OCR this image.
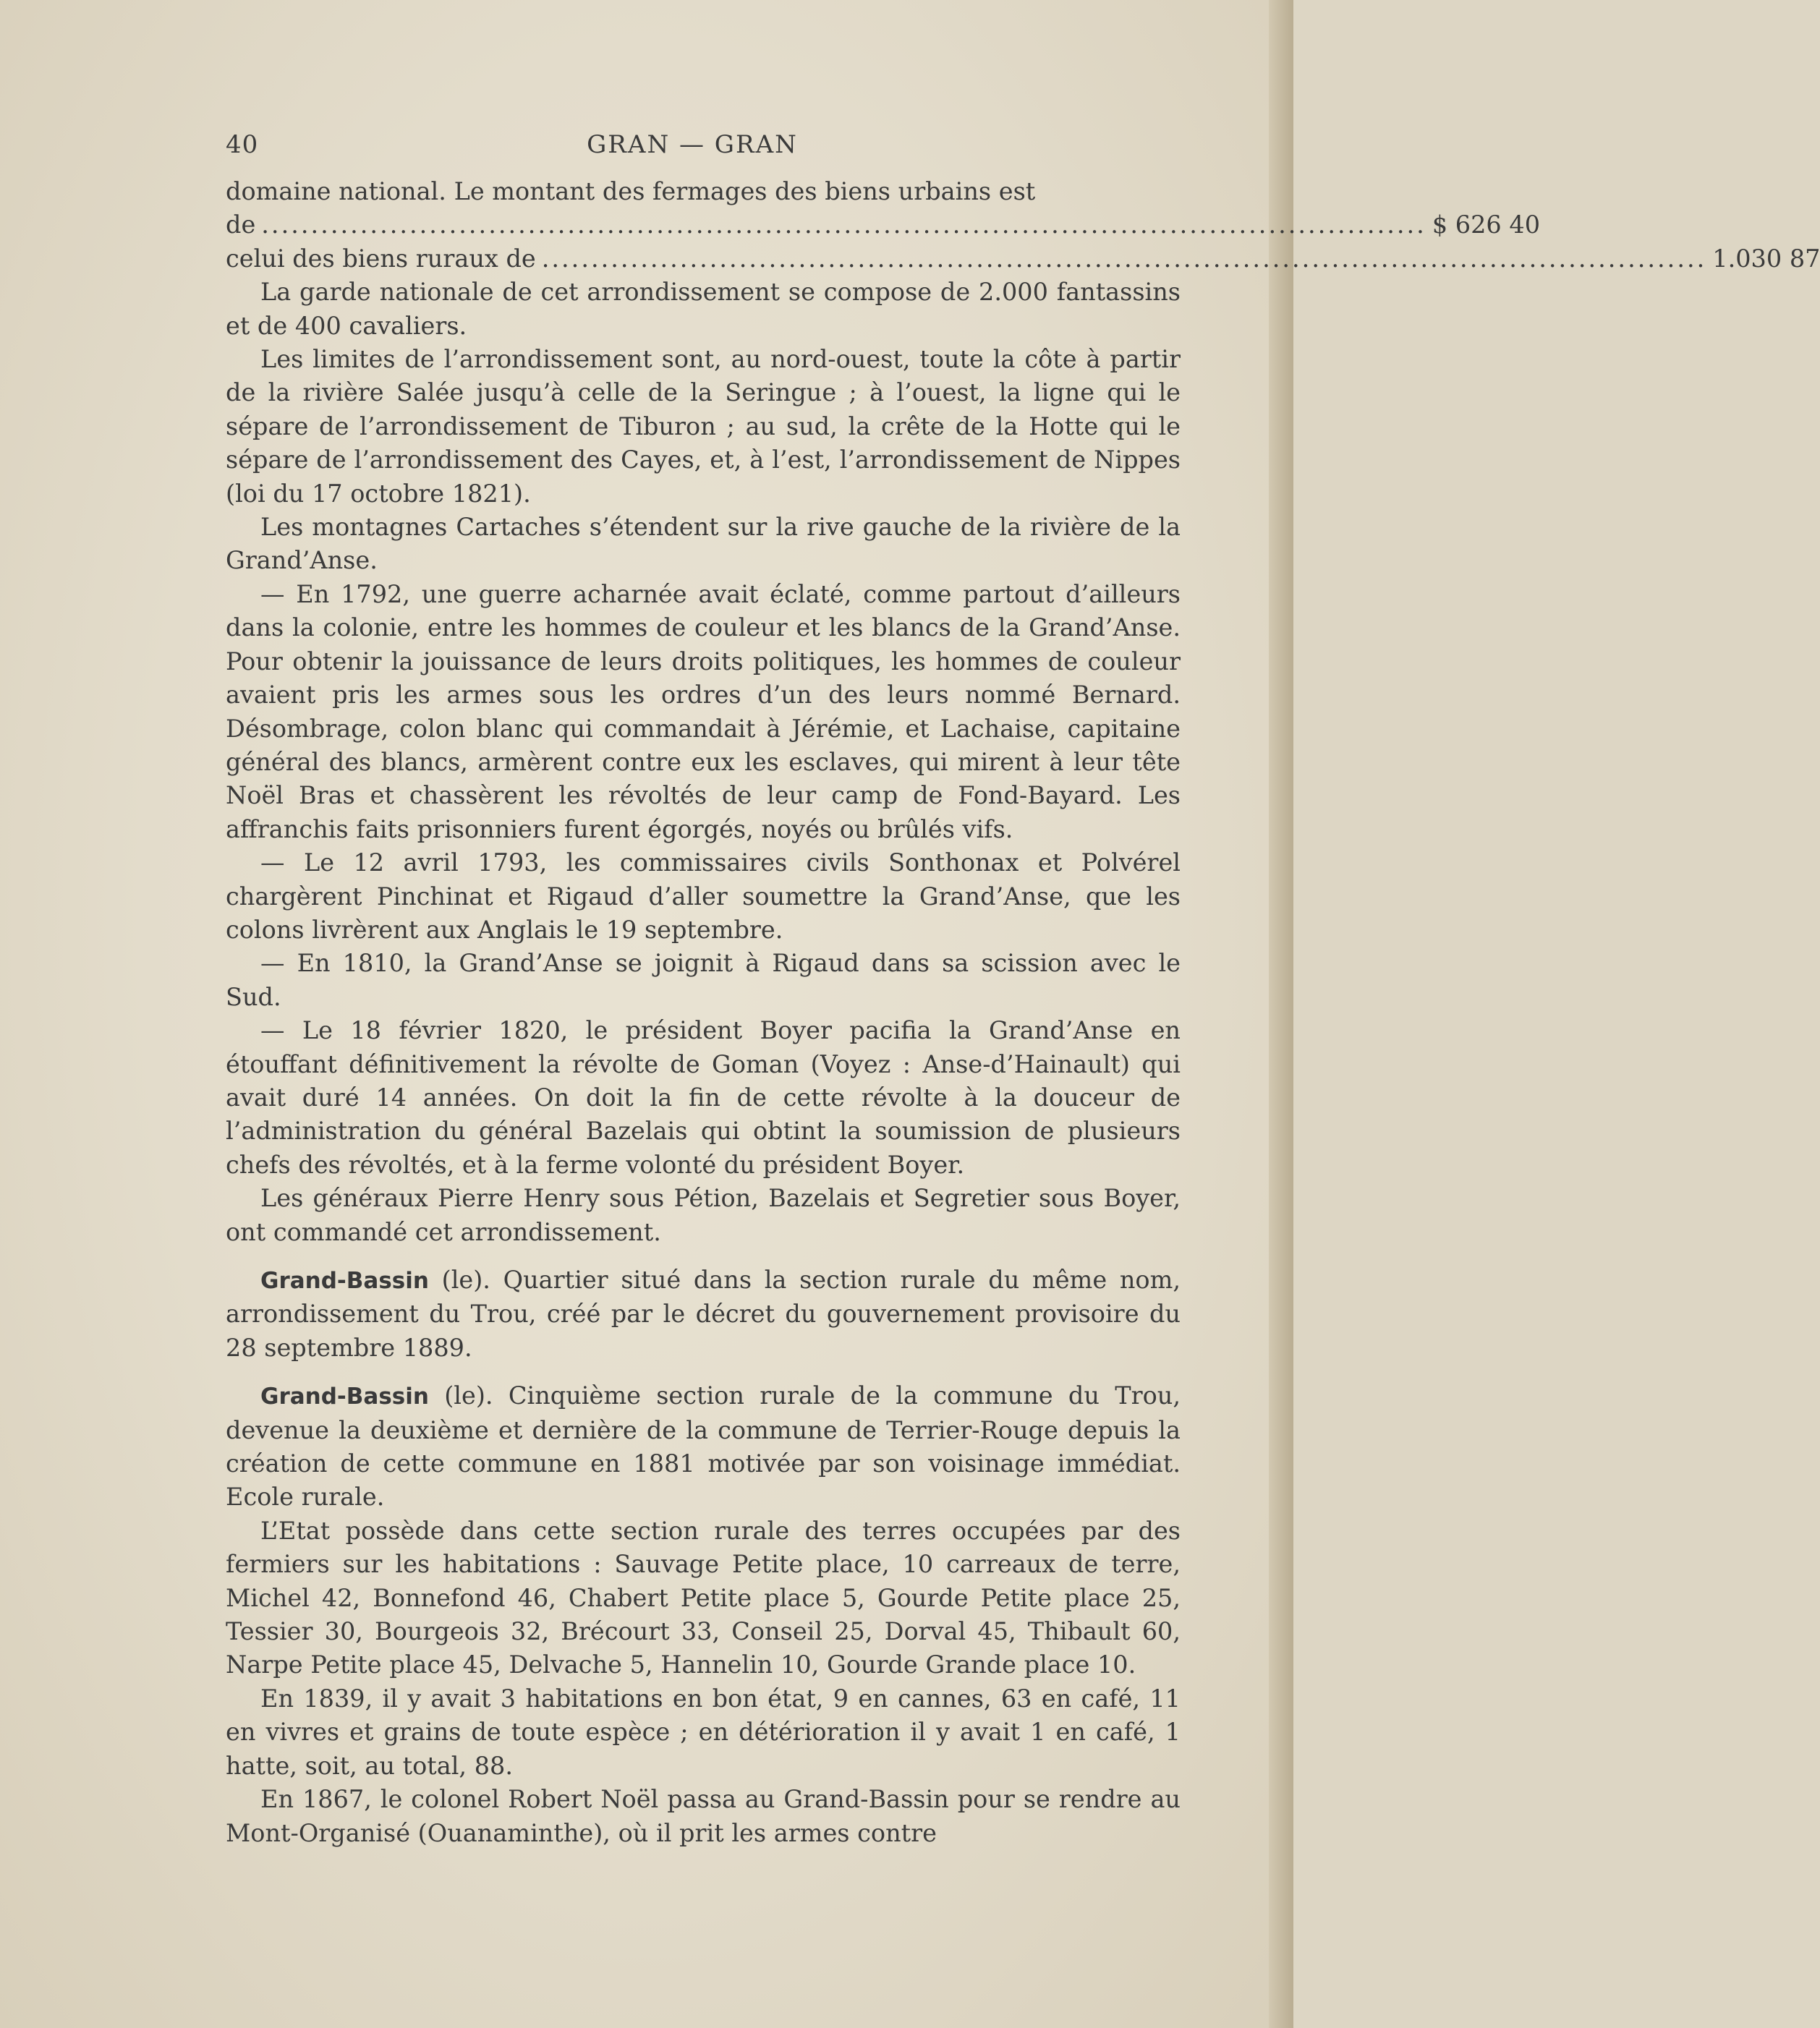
40	GRAN — GRAN

domaine national. Le montant des fermages des biens urbains est

de ...................................................................................................................... $ 626 40
celui des biens ruraux de ...................................................................................................................... 1.030 87

La garde nationale de cet arrondissement se compose de 2.000 fantassins et de 400 cavaliers.

Les limites de l’arrondissement sont, au nord-ouest, toute la côte à partir de la rivière Salée jusqu’à celle de la Seringue ; à l’ouest, la ligne qui le sépare de l’arrondissement de Tiburon ; au sud, la crête de la Hotte qui le sépare de l’arrondissement des Cayes, et, à l’est, l’arrondissement de Nippes (loi du 17 octobre 1821).

Les montagnes Cartaches s’étendent sur la rive gauche de la rivière de la Grand’Anse.

— En 1792, une guerre acharnée avait éclaté, comme partout d’ailleurs dans la colonie, entre les hommes de couleur et les blancs de la Grand’Anse. Pour obtenir la jouissance de leurs droits politiques, les hommes de couleur avaient pris les armes sous les ordres d’un des leurs nommé Bernard. Désombrage, colon blanc qui commandait à Jérémie, et Lachaise, capitaine général des blancs, armèrent contre eux les esclaves, qui mirent à leur tête Noël Bras et chassèrent les révoltés de leur camp de Fond-Bayard. Les affranchis faits prisonniers furent égorgés, noyés ou brûlés vifs.

— Le 12 avril 1793, les commissaires civils Sonthonax et Polvérel chargèrent Pinchinat et Rigaud d’aller soumettre la Grand’Anse, que les colons livrèrent aux Anglais le 19 septembre.

— En 1810, la Grand’Anse se joignit à Rigaud dans sa scission avec le Sud.

— Le 18 février 1820, le président Boyer pacifia la Grand’Anse en étouffant définitivement la révolte de Goman (Voyez : Anse-d’Hainault) qui avait duré 14 années. On doit la fin de cette révolte à la douceur de l’administration du général Bazelais qui obtint la soumission de plusieurs chefs des révoltés, et à la ferme volonté du président Boyer.

Les généraux Pierre Henry sous Pétion, Bazelais et Segretier sous Boyer, ont commandé cet arrondissement.

Grand-Bassin (le). Quartier situé dans la section rurale du même nom, arrondissement du Trou, créé par le décret du gouvernement provisoire du 28 septembre 1889.

Grand-Bassin (le). Cinquième section rurale de la commune du Trou, devenue la deuxième et dernière de la commune de Terrier-Rouge depuis la création de cette commune en 1881 motivée par son voisinage immédiat. Ecole rurale.

L’Etat possède dans cette section rurale des terres occupées par des fermiers sur les habitations : Sauvage Petite place, 10 carreaux de terre, Michel 42, Bonnefond 46, Chabert Petite place 5, Gourde Petite place 25, Tessier 30, Bourgeois 32, Brécourt 33, Conseil 25, Dorval 45, Thibault 60, Narpe Petite place 45, Delvache 5, Hannelin 10, Gourde Grande place 10.

En 1839, il y avait 3 habitations en bon état, 9 en cannes, 63 en café, 11 en vivres et grains de toute espèce ; en détérioration il y avait 1 en café, 1 hatte, soit, au total, 88.

En 1867, le colonel Robert Noël passa au Grand-Bassin pour se rendre au Mont-Organisé (Ouanaminthe), où il prit les armes contre
